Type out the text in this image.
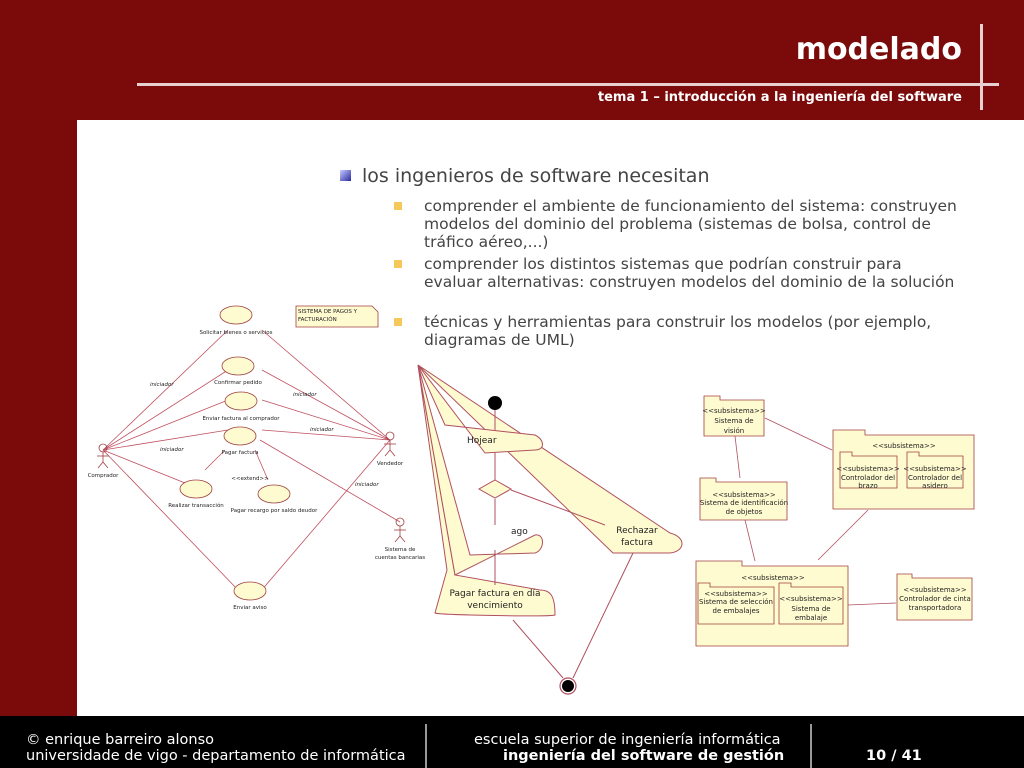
modelado
tema 1 – introducción a la ingeniería del software
los ingenieros de software necesitan
comprender el ambiente de funcionamiento del sistema: construyen modelos del dominio del problema (sistemas de bolsa, control de tráfico aéreo,...)
comprender los distintos sistemas que podrían construir para evaluar alternativas: construyen modelos del dominio de la solución
técnicas y herramientas para construir los modelos (por ejemplo, diagramas de UML)
SISTEMA DE PAGOS Y
FACTURACIÓN
Solicitar bienes o servicios
Confirmar pedido
Enviar factura al comprador
Pagar factura
Realizar transacción
Pagar recargo por saldo deudor
Enviar aviso
Comprador
Vendedor
Sistema de
cuentas bancarias
<<extend>>
iniciador
iniciador
iniciador
iniciador
iniciador
Hojear
ago	Rechazar
factura
Pagar factura en día
vencimiento
<<subsistema>>
Sistema de
visión
<<subsistema>>
Sistema de identificación
de objetos
<<subsistema>>
<<subsistema>>
Controlador del
brazo
<<subsistema>>
Controlador del
asidero
<<subsistema>>
<<subsistema>>
Sistema de selección
de embalajes
<<subsistema>>
Sistema de
embalaje
<<subsistema>>
Controlador de cinta
transportadora
© enrique barreiro alonso
universidade de vigo - departamento de informática
escuela superior de ingeniería informática
ingeniería del software de gestión	10 / 41
